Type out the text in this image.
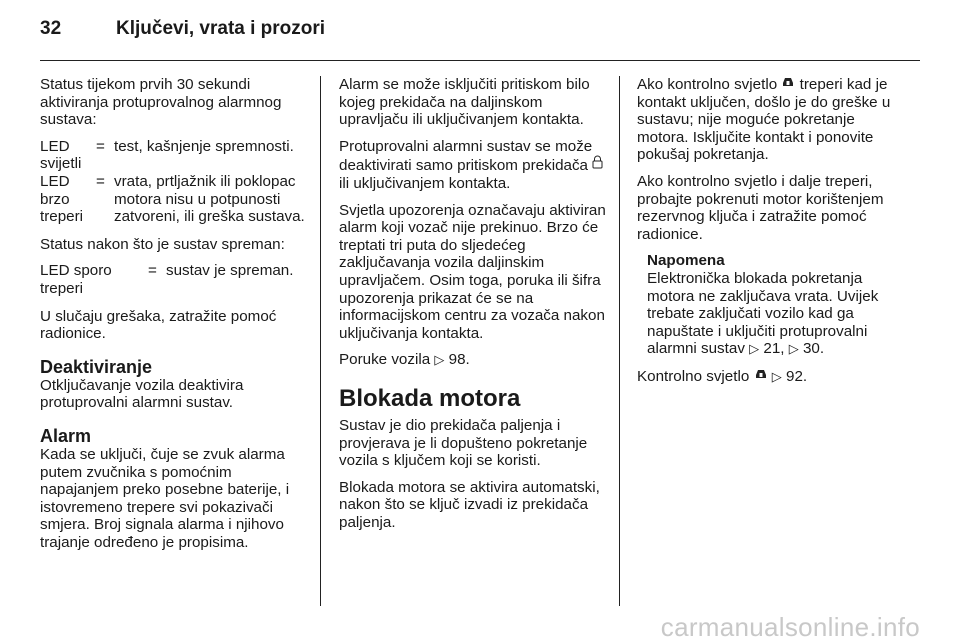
32	Ključevi, vrata i prozori

Status tijekom prvih 30 sekundi aktiviranja protuprovalnog alarmnog sustava:

LED svijetli
= test, kašnjenje spremnosti.
LED brzo treperi
= vrata, prtljažnik ili poklopac motora nisu u potpunosti zatvoreni, ili greška sustava.

Status nakon što je sustav spreman:

LED sporo treperi
= sustav je spreman.

U slučaju grešaka, zatražite pomoć radionice.

Deaktiviranje

Otključavanje vozila deaktivira protuprovalni alarmni sustav.

Alarm

Kada se uključi, čuje se zvuk alarma putem zvučnika s pomoćnim napajanjem preko posebne baterije, i istovremeno trepere svi pokazivači smjera. Broj signala alarma i njihovo trajanje određeno je propisima.

Alarm se može isključiti pritiskom bilo kojeg prekidača na daljinskom upravljaču ili uključivanjem kontakta.

Protuprovalni alarmni sustav se može deaktivirati samo pritiskom prekidača  ili uključivanjem kontakta.

Svjetla upozorenja označavaju aktiviran alarm koji vozač nije prekinuo. Brzo će treptati tri puta do sljedećeg zaključavanja vozila daljinskim upravljačem. Osim toga, poruka ili šifra upozorenja prikazat će se na informacijskom centru za vozača nakon uključivanja kontakta.

Poruke vozila ▷ 98.

Blokada motora

Sustav je dio prekidača paljenja i provjerava je li dopušteno pokretanje vozila s ključem koji se koristi.

Blokada motora se aktivira automatski, nakon što se ključ izvadi iz prekidača paljenja.

Ako kontrolno svjetlo treperi kad je kontakt uključen, došlo je do greške u sustavu; nije moguće pokretanje motora. Isključite kontakt i ponovite pokušaj pokretanja.

Ako kontrolno svjetlo i dalje treperi, probajte pokrenuti motor korištenjem rezervnog ključa i zatražite pomoć radionice.

Napomena
Elektronička blokada pokretanja motora ne zaključava vrata. Uvijek trebate zaključati vozilo kad ga napuštate i uključiti protuprovalni alarmni sustav ▷ 21, ▷ 30.

Kontrolno svjetlo ▷ 92.

carmanualsonline.info
